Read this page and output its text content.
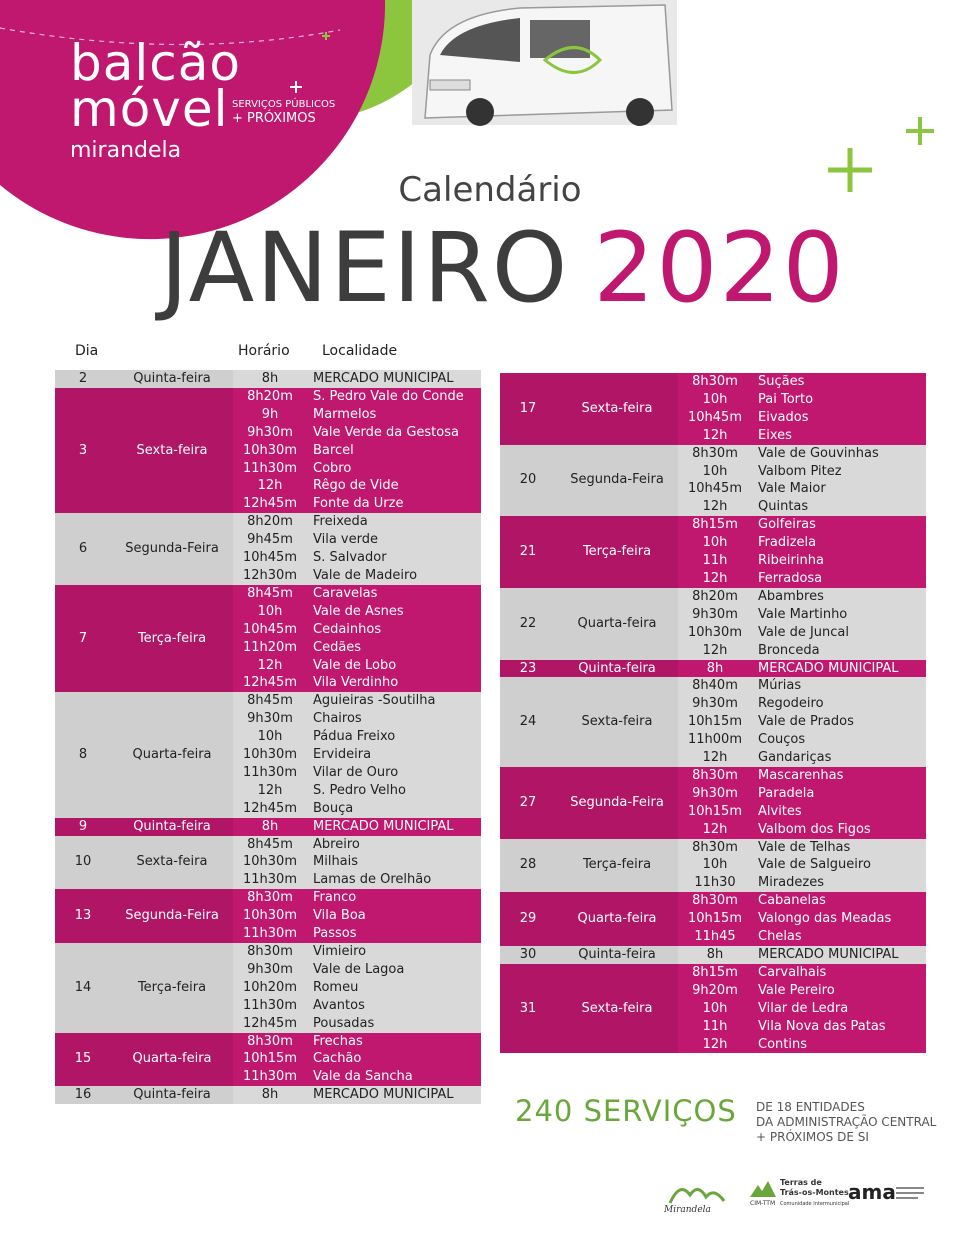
balcão
móvel
mirandela
SERVIÇOS PÚBLICOS
+ PRÓXIMOS
Calendário
JANEIRO 2020
Dia	Horário Localidade
2	Quinta-feira	8h	MERCADO MUNICIPAL
3	Sexta-feira	8h20m	S. Pedro Vale do Conde
		9h	Marmelos
		9h30m	Vale Verde da Gestosa
		10h30m	Barcel
		11h30m	Cobro
		12h	Rêgo de Vide
		12h45m	Fonte da Urze
6	Segunda-Feira	8h20m	Freixeda
		9h45m	Vila verde
		10h45m	S. Salvador
		12h30m	Vale de Madeiro
7	Terça-feira	8h45m	Caravelas
		10h	Vale de Asnes
		10h45m	Cedainhos
		11h20m	Cedães
		12h	Vale de Lobo
		12h45m	Vila Verdinho
8	Quarta-feira	8h45m	Aguieiras -Soutilha
		9h30m	Chairos
		10h	Pádua Freixo
		10h30m	Ervideira
		11h30m	Vilar de Ouro
		12h	S. Pedro Velho
		12h45m	Bouça
9	Quinta-feira	8h	MERCADO MUNICIPAL
10	Sexta-feira	8h45m	Abreiro
		10h30m	Milhais
		11h30m	Lamas de Orelhão
13	Segunda-Feira	8h30m	Franco
		10h30m	Vila Boa
		11h30m	Passos
14	Terça-feira	8h30m	Vimieiro
		9h30m	Vale de Lagoa
		10h20m	Romeu
		11h30m	Avantos
		12h45m	Pousadas
15	Quarta-feira	8h30m	Frechas
		10h15m	Cachão
		11h30m	Vale da Sancha
16	Quinta-feira	8h	MERCADO MUNICIPAL
17	Sexta-feira	8h30m	Suçães
		10h	Pai Torto
		10h45m	Eivados
		12h	Eixes
20	Segunda-Feira	8h30m	Vale de Gouvinhas
		10h	Valbom Pitez
		10h45m	Vale Maior
		12h	Quintas
21	Terça-feira	8h15m	Golfeiras
		10h	Fradizela
		11h	Ribeirinha
		12h	Ferradosa
22	Quarta-feira	8h20m	Abambres
		9h30m	Vale Martinho
		10h30m	Vale de Juncal
		12h	Bronceda
23	Quinta-feira	8h	MERCADO MUNICIPAL
24	Sexta-feira	8h40m	Múrias
		9h30m	Regodeiro
		10h15m	Vale de Prados
		11h00m	Couços
		12h	Gandariças
27	Segunda-Feira	8h30m	Mascarenhas
		9h30m	Paradela
		10h15m	Alvites
		12h	Valbom dos Figos
28	Terça-feira	8h30m	Vale de Telhas
		10h	Vale de Salgueiro
		11h30	Miradezes
29	Quarta-feira	8h30m	Cabanelas
		10h15m	Valongo das Meadas
		11h45	Chelas
30	Quinta-feira	8h	MERCADO MUNICIPAL
31	Sexta-feira	8h15m	Carvalhais
		9h20m	Vale Pereiro
		10h	Vilar de Ledra
		11h	Vila Nova das Patas
		12h	Contins
240 SERVIÇOS DE 18 ENTIDADES
DA ADMINISTRAÇÃO CENTRAL
+ PRÓXIMOS DE SI
Mirandela
Terras de
Trás-os-Montes
CIM-TTM Comunidade Intermunicipal
ama
